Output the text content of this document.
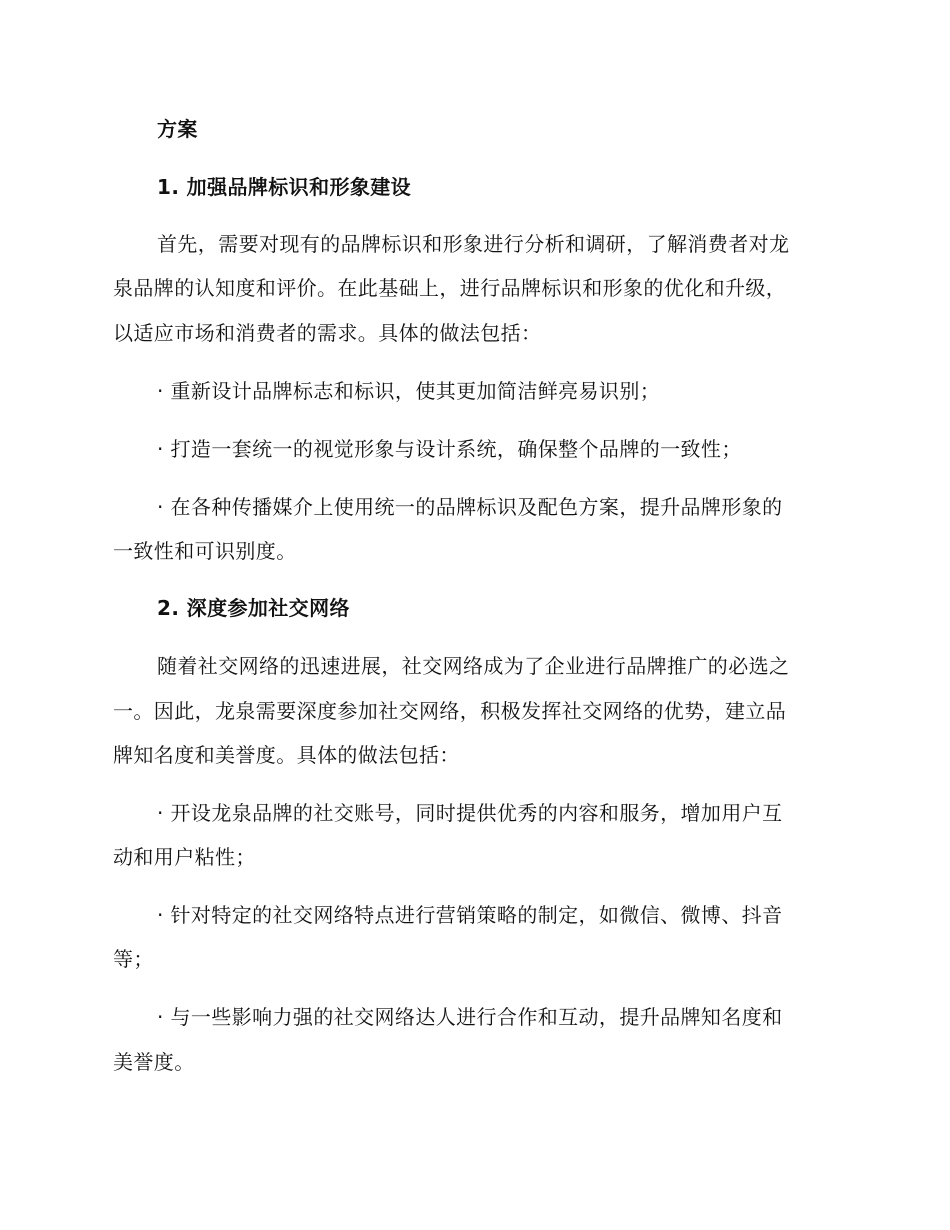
方案
1. 加强品牌标识和形象建设
首先，需要对现有的品牌标识和形象进行分析和调研，了解消费者对龙
泉品牌的认知度和评价。在此基础上，进行品牌标识和形象的优化和升级，
以适应市场和消费者的需求。具体的做法包括：
· 重新设计品牌标志和标识，使其更加简洁鲜亮易识别；
· 打造一套统一的视觉形象与设计系统，确保整个品牌的一致性；
· 在各种传播媒介上使用统一的品牌标识及配色方案，提升品牌形象的
一致性和可识别度。
2. 深度参加社交网络
随着社交网络的迅速进展，社交网络成为了企业进行品牌推广的必选之
一。因此，龙泉需要深度参加社交网络，积极发挥社交网络的优势，建立品
牌知名度和美誉度。具体的做法包括：
· 开设龙泉品牌的社交账号，同时提供优秀的内容和服务，增加用户互
动和用户粘性；
· 针对特定的社交网络特点进行营销策略的制定，如微信、微博、抖音
等；
· 与一些影响力强的社交网络达人进行合作和互动，提升品牌知名度和
美誉度。
